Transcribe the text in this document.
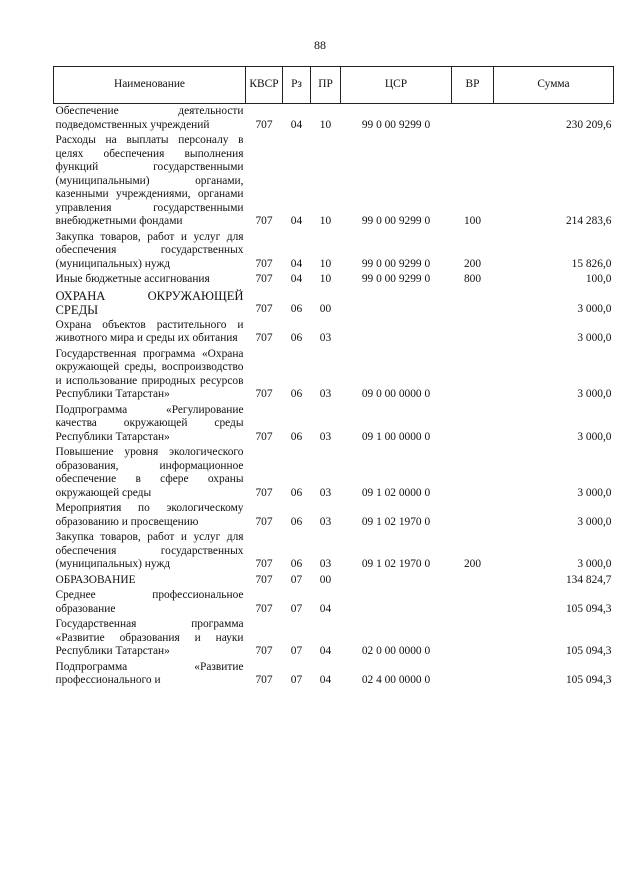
88
Наименование	КВСР	Рз	ПР	ЦСР	ВР	Сумма
Обеспечение деятельности подведомственных учреждений	707	04	10	99 0 00 9299 0		230 209,6
Расходы на выплаты персоналу в целях обеспечения выполнения функций государственными (муниципальными) органами, казенными учреждениями, органами управления государственными внебюджетными фондами	707	04	10	99 0 00 9299 0	100	214 283,6
Закупка товаров, работ и услуг для обеспечения государственных (муниципальных) нужд	707	04	10	99 0 00 9299 0	200	15 826,0
Иные бюджетные ассигнования	707	04	10	99 0 00 9299 0	800	100,0
ОХРАНА ОКРУЖАЮЩЕЙ СРЕДЫ	707	06	00			3 000,0
Охрана объектов растительного и животного мира и среды их обитания	707	06	03			3 000,0
Государственная программа «Охрана окружающей среды, воспроизводство и использование природных ресурсов Республики Татарстан»	707	06	03	09 0 00 0000 0		3 000,0
Подпрограмма «Регулирование качества окружающей среды Республики Татарстан»	707	06	03	09 1 00 0000 0		3 000,0
Повышение уровня экологического образования, информационное обеспечение в сфере охраны окружающей среды	707	06	03	09 1 02 0000 0		3 000,0
Мероприятия по экологическому образованию и просвещению	707	06	03	09 1 02 1970 0		3 000,0
Закупка товаров, работ и услуг для обеспечения государственных (муниципальных) нужд	707	06	03	09 1 02 1970 0	200	3 000,0
ОБРАЗОВАНИЕ	707	07	00			134 824,7
Среднее профессиональное образование	707	07	04			105 094,3
Государственная программа «Развитие образования и науки Республики Татарстан»	707	07	04	02 0 00 0000 0		105 094,3
Подпрограмма «Развитие профессионального и	707	07	04	02 4 00 0000 0		105 094,3
